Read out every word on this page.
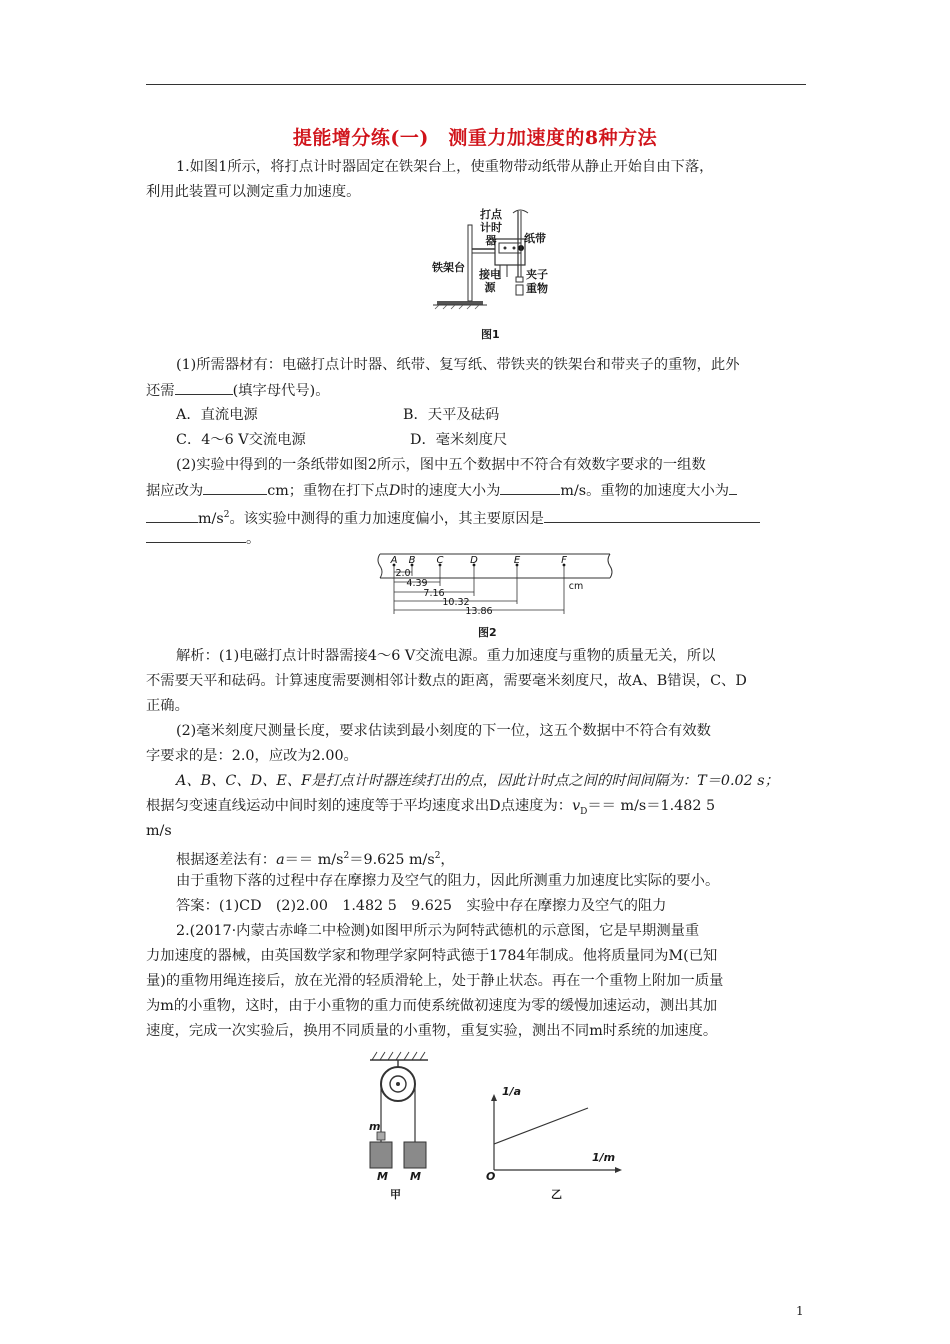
提能增分练(一)　测重力加速度的8种方法
1.如图1所示，将打点计时器固定在铁架台上，使重物带动纸带从静止开始自由下落，
利用此装置可以测定重力加速度。
打点
计时
器	纸带
铁架台
接电
源
夹子
重物
图1
(1)所需器材有：电磁打点计时器、纸带、复写纸、带铁夹的铁架台和带夹子的重物，此外
还需	(填字母代号)。
A．直流电源	B．天平及砝码
C．4～6 V交流电源	D．毫米刻度尺
(2)实验中得到的一条纸带如图2所示，图中五个数据中不符合有效数字要求的一组数
据应改为	cm；重物在打下点D时的速度大小为	m/s。重物的加速度大小为
$m/s^2$。该实验中测得的重力加速度偏小，其主要原因是
。
A B C	D	E	F
2.0
4.39
7.16
10.32
13.86
cm
图2
解析：(1)电磁打点计时器需接4～6 V交流电源。重力加速度与重物的质量无关，所以
不需要天平和砝码。计算速度需要测相邻计数点的距离，需要毫米刻度尺，故A、B错误，C、D
正确。
(2)毫米刻度尺测量长度，要求估读到最小刻度的下一位，这五个数据中不符合有效数
字要求的是：2.0，应改为2.00。
A、B、C、D、E、F是打点计时器连续打出的点，因此计时点之间的时间间隔为：T＝0.02 s；
根据匀变速直线运动中间时刻的速度等于平均速度求出D点速度为：$v_D== m/s=1.482$ 5
m/s
根据逐差法有：$a== m/s^2=9.625$ $m/s^2$，
由于重物下落的过程中存在摩擦力及空气的阻力，因此所测重力加速度比实际的要小。
答案：(1)CD　(2)2.00　1.482 5　9.625　实验中存在摩擦力及空气的阻力
2.(2017·内蒙古赤峰二中检测)如图甲所示为阿特武德机的示意图，它是早期测量重
力加速度的器械，由英国数学家和物理学家阿特武德于1784年制成。他将质量同为M(已知
量)的重物用绳连接后，放在光滑的轻质滑轮上，处于静止状态。再在一个重物上附加一质量
为m的小重物，这时，由于小重物的重力而使系统做初速度为零的缓慢加速运动，测出其加
速度，完成一次实验后，换用不同质量的小重物，重复实验，测出不同m时系统的加速度。
m
M M
甲
1/a
1/m
O
乙
1
